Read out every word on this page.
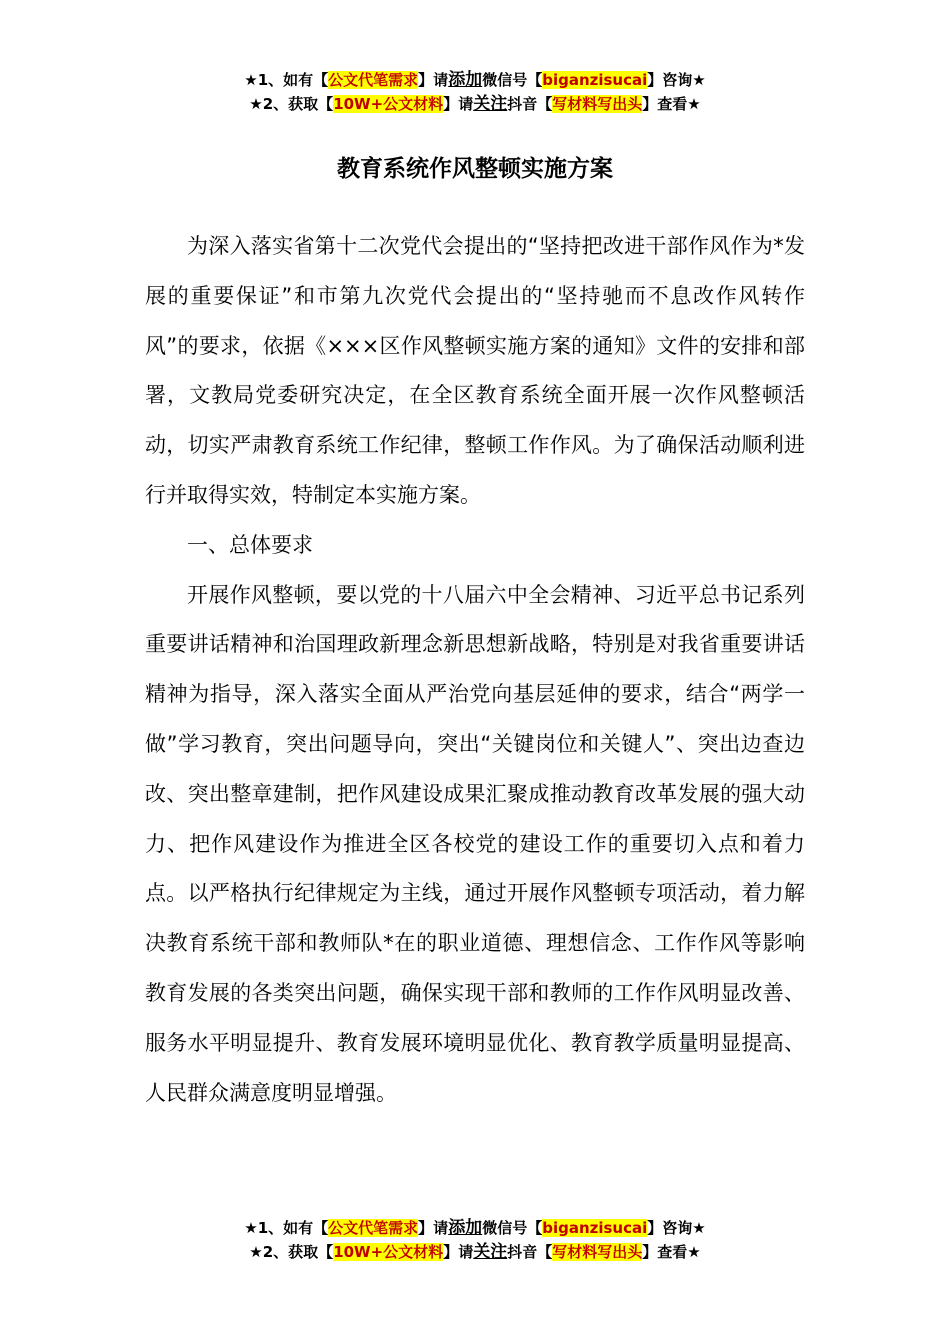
★1、如有【公文代笔需求】请添加微信号【biganzisucai】咨询★
★2、获取【10W+公文材料】请关注抖音【写材料写出头】查看★
教育系统作风整顿实施方案

为深入落实省第十二次党代会提出的“坚持把改进干部作风作为*发展的重要保证”和市第九次党代会提出的“坚持驰而不息改作风转作风”的要求，依据《×××区作风整顿实施方案的通知》文件的安排和部署，文教局党委研究决定，在全区教育系统全面开展一次作风整顿活动，切实严肃教育系统工作纪律，整顿工作作风。为了确保活动顺利进行并取得实效，特制定本实施方案。

一、总体要求

开展作风整顿，要以党的十八届六中全会精神、习近平总书记系列重要讲话精神和治国理政新理念新思想新战略，特别是对我省重要讲话精神为指导，深入落实全面从严治党向基层延伸的要求，结合“两学一做”学习教育，突出问题导向，突出“关键岗位和关键人”、突出边查边改、突出整章建制，把作风建设成果汇聚成推动教育改革发展的强大动力、把作风建设作为推进全区各校党的建设工作的重要切入点和着力点。以严格执行纪律规定为主线，通过开展作风整顿专项活动，着力解决教育系统干部和教师队*在的职业道德、理想信念、工作作风等影响教育发展的各类突出问题，确保实现干部和教师的工作作风明显改善、服务水平明显提升、教育发展环境明显优化、教育教学质量明显提高、人民群众满意度明显增强。

★1、如有【公文代笔需求】请添加微信号【biganzisucai】咨询★
★2、获取【10W+公文材料】请关注抖音【写材料写出头】查看★
